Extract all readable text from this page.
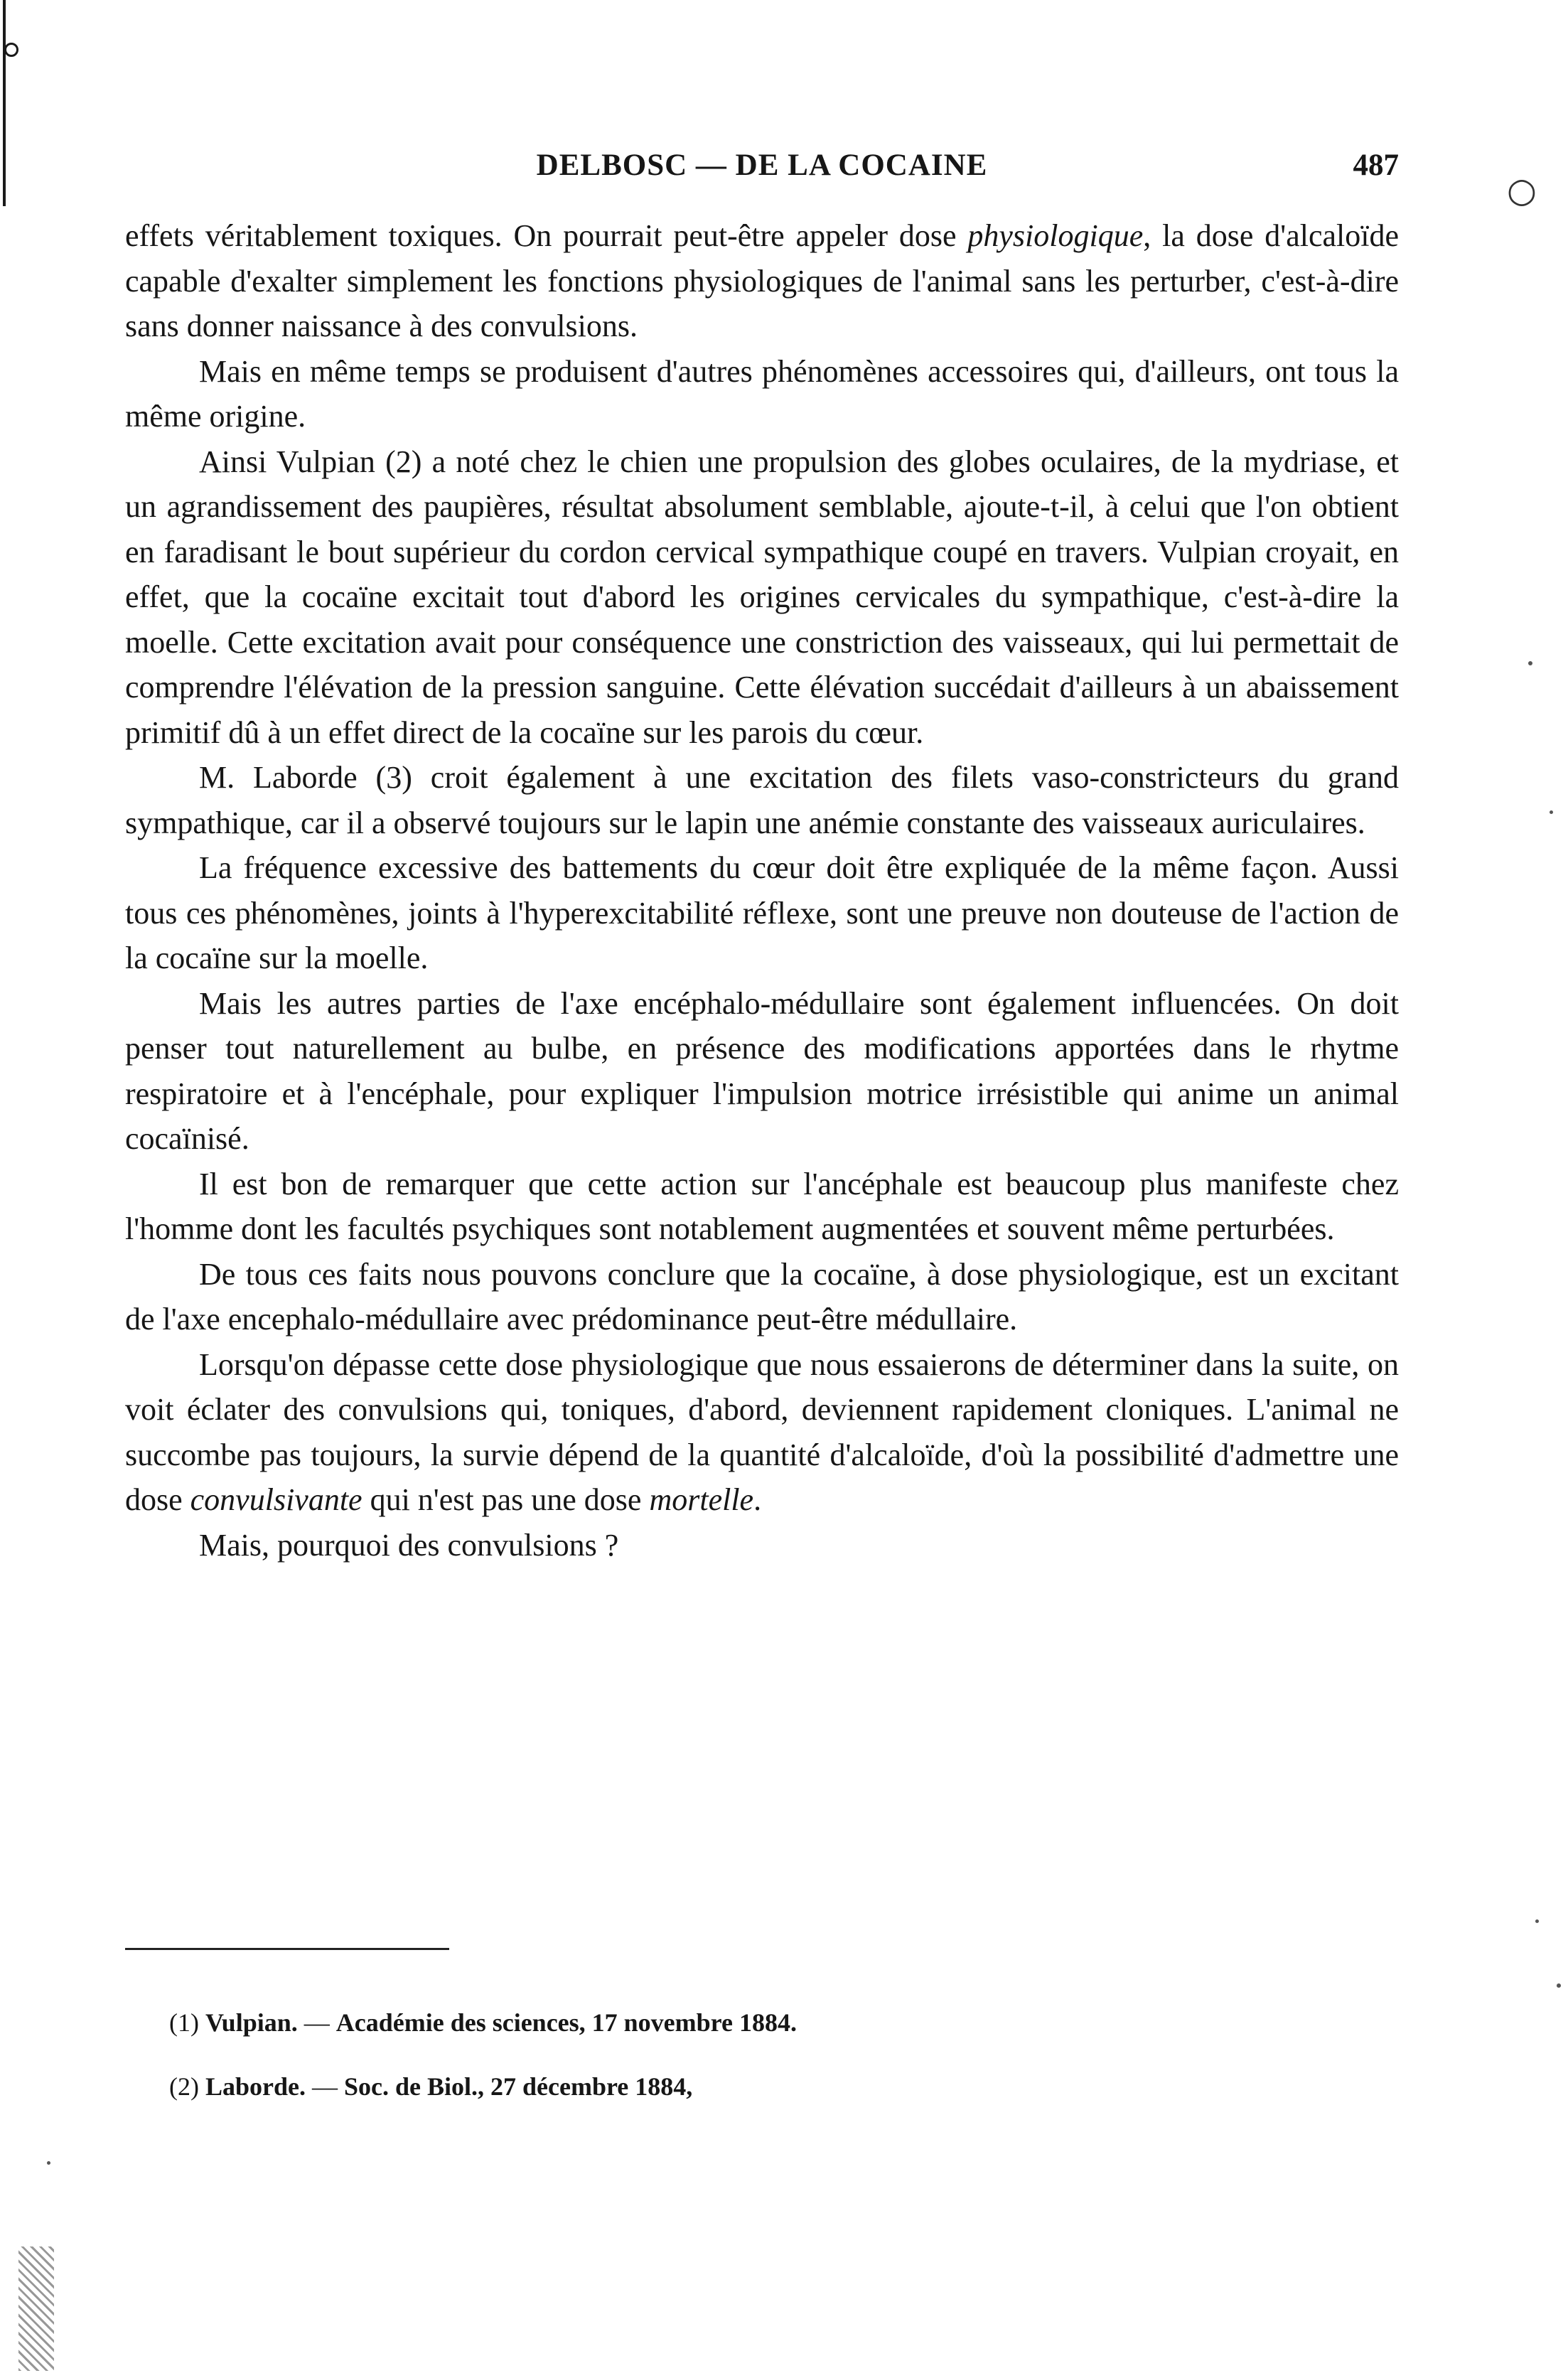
○
DELBOSC — DE LA COCAINE	487

effets véritablement toxiques. On pourrait peut-être appeler dose physiologique, la dose d'alcaloïde capable d'exalter simplement les fonctions physiologiques de l'animal sans les perturber, c'est-à-dire sans donner naissance à des convulsions.

Mais en même temps se produisent d'autres phénomènes accessoires qui, d'ailleurs, ont tous la même origine.

Ainsi Vulpian (2) a noté chez le chien une propulsion des globes oculaires, de la mydriase, et un agrandissement des paupières, résultat absolument semblable, ajoute-t-il, à celui que l'on obtient en faradisant le bout supérieur du cordon cervical sympathique coupé en travers. Vulpian croyait, en effet, que la cocaïne excitait tout d'abord les origines cervicales du sympathique, c'est-à-dire la moelle. Cette excitation avait pour conséquence une constriction des vaisseaux, qui lui permettait de comprendre l'élévation de la pression sanguine. Cette élévation succédait d'ailleurs à un abaissement primitif dû à un effet direct de la cocaïne sur les parois du cœur.

M. Laborde (3) croit également à une excitation des filets vaso-constricteurs du grand sympathique, car il a observé toujours sur le lapin une anémie constante des vaisseaux auriculaires.

La fréquence excessive des battements du cœur doit être expliquée de la même façon. Aussi tous ces phénomènes, joints à l'hyperexcitabilité réflexe, sont une preuve non douteuse de l'action de la cocaïne sur la moelle.

Mais les autres parties de l'axe encéphalo-médullaire sont également influencées. On doit penser tout naturellement au bulbe, en présence des modifications apportées dans le rhytme respiratoire et à l'encéphale, pour expliquer l'impulsion motrice irrésistible qui anime un animal cocaïnisé.

Il est bon de remarquer que cette action sur l'ancéphale est beaucoup plus manifeste chez l'homme dont les facultés psychiques sont notablement augmentées et souvent même perturbées.

De tous ces faits nous pouvons conclure que la cocaïne, à dose physiologique, est un excitant de l'axe encephalo-médullaire avec prédominance peut-être médullaire.

Lorsqu'on dépasse cette dose physiologique que nous essaierons de déterminer dans la suite, on voit éclater des convulsions qui, toniques, d'abord, deviennent rapidement cloniques. L'animal ne succombe pas toujours, la survie dépend de la quantité d'alcaloïde, d'où la possibilité d'admettre une dose convulsivante qui n'est pas une dose mortelle.

Mais, pourquoi des convulsions ?

(1) Vulpian. — Académie des sciences, 17 novembre 1884.
(2) Laborde. — Soc. de Biol., 27 décembre 1884,
